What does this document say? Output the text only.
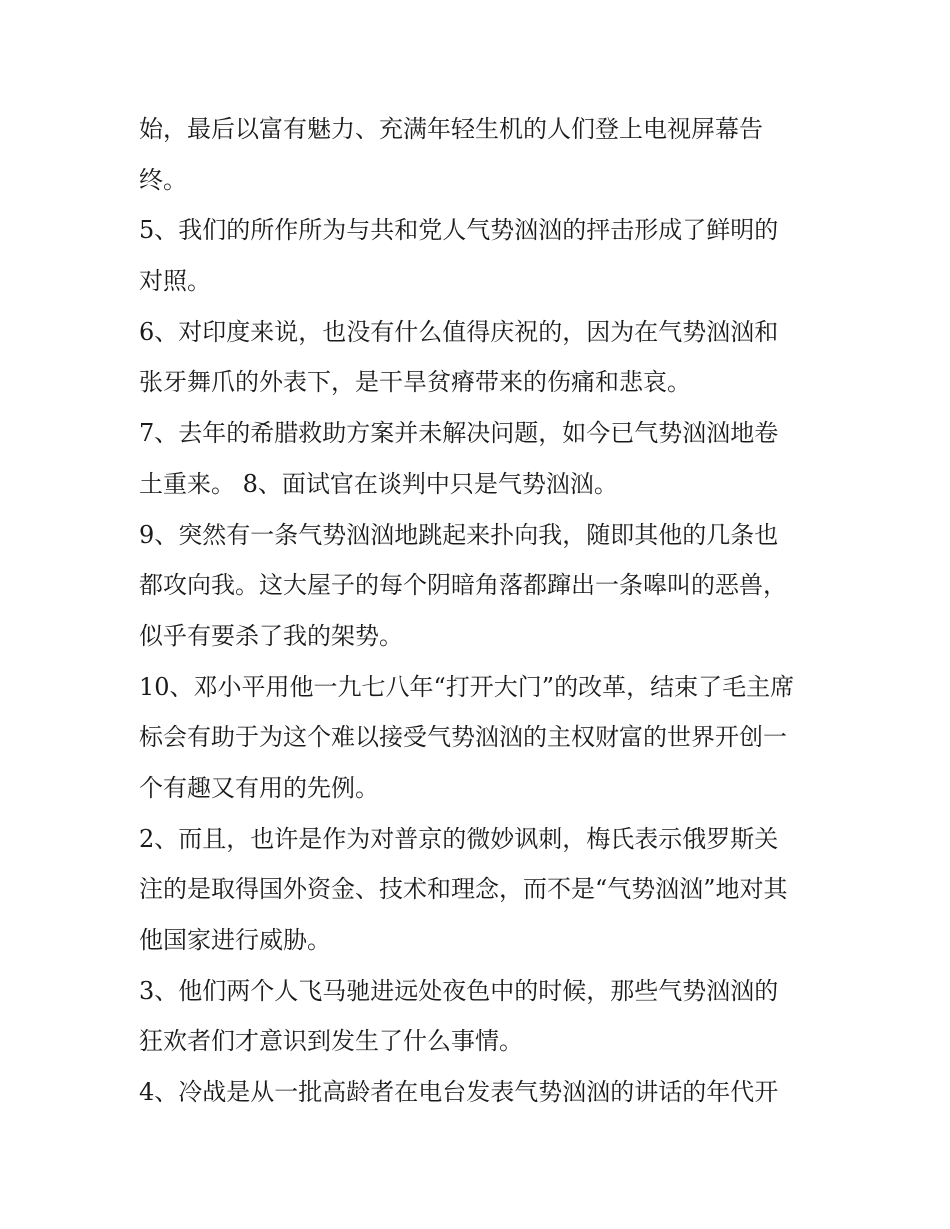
始，最后以富有魅力、充满年轻生机的人们登上电视屏幕告
终。
5、我们的所作所为与共和党人气势汹汹的抨击形成了鲜明的
对照。
6、对印度来说，也没有什么值得庆祝的，因为在气势汹汹和
张牙舞爪的外表下，是干旱贫瘠带来的伤痛和悲哀。
7、去年的希腊救助方案并未解决问题，如今已气势汹汹地卷
土重来。 8、面试官在谈判中只是气势汹汹。
9、突然有一条气势汹汹地跳起来扑向我，随即其他的几条也
都攻向我。这大屋子的每个阴暗角落都蹿出一条嗥叫的恶兽，
似乎有要杀了我的架势。
10、邓小平用他一九七八年“打开大门”的改革，结束了毛主席
标会有助于为这个难以接受气势汹汹的主权财富的世界开创一
个有趣又有用的先例。
2、而且，也许是作为对普京的微妙讽刺，梅氏表示俄罗斯关
注的是取得国外资金、技术和理念，而不是“气势汹汹”地对其
他国家进行威胁。
3、他们两个人飞马驰进远处夜色中的时候，那些气势汹汹的
狂欢者们才意识到发生了什么事情。
4、冷战是从一批高龄者在电台发表气势汹汹的讲话的年代开
